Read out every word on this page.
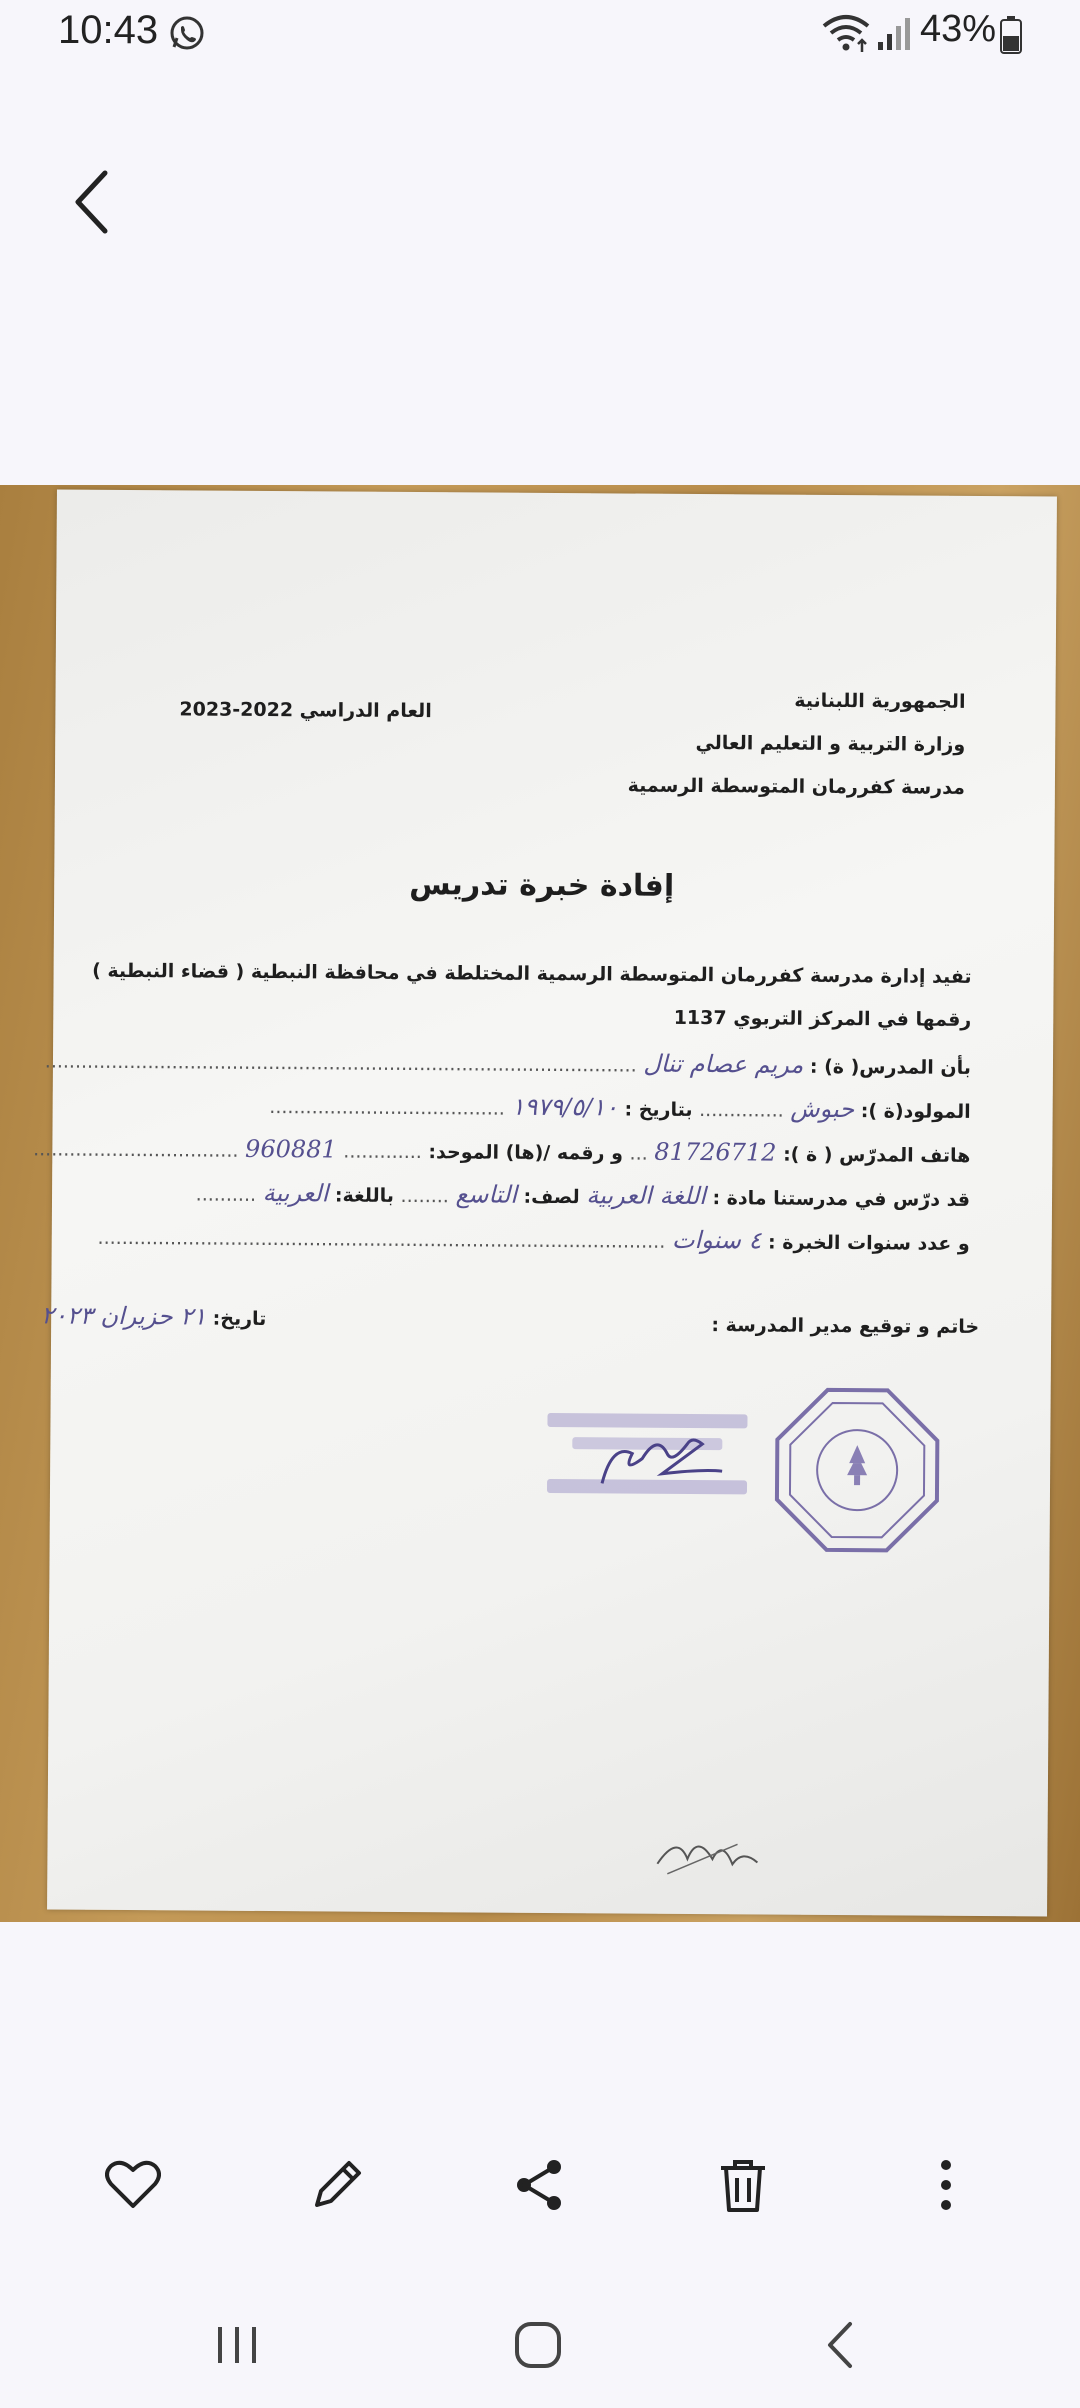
10:43	43%
الجمهورية اللبنانية
وزارة التربية و التعليم العالي
مدرسة كفررمان المتوسطة الرسمية
العام الدراسي 2022-2023
إفادة خبرة تدريس
تفيد إدارة مدرسة كفررمان المتوسطة الرسمية المختلطة في محافظة النبطية ( قضاء النبطية )
رقمها في المركز التربوي 1137
بأن المدرس( ة) : مريم عصام تنال ..................................................................................................
المولود(ة ): حبوش .............. بتاريخ : ١٩٧٩/٥/١٠ .......................................
هاتف المدرّس ( ة ): 81726712 ... و رقمه /(ها) الموحد: ............. 960881 ..................................
قد درّس في مدرستنا مادة : اللغة العربية لصف: التاسع ........ باللغة: العربية ..........
و عدد سنوات الخبرة : ٤ سنوات ..............................................................................................
خاتم و توقيع مدير المدرسة :
تاريخ: ٢١ حزيران ٢٠٢٣
